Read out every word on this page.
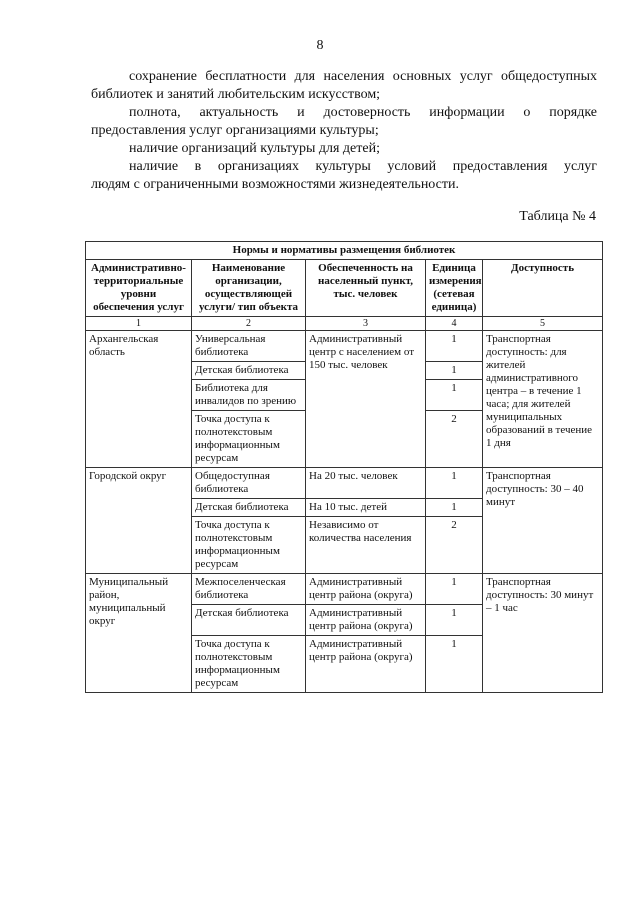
8

сохранение бесплатности для населения основных услуг общедоступных
библиотек и занятий любительским искусством;

полнота, актуальность и достоверность информации о порядке
предоставления услуг организациями культуры;

наличие организаций культуры для детей;

наличие в организациях культуры условий предоставления услуг
людям с ограниченными возможностями жизнедеятельности.

Таблица № 4
Нормы и нормативы размещения библиотек				
Административно-территориальные уровни обеспечения услуг	Наименование организации, осуществляющей услуги/ тип объекта	Обеспеченность на населенный пункт, тыс. человек	Единица измерения (сетевая единица)	Доступность
1	2	3	4	5
Архангельская область	Универсальная библиотека	Административный центр с населением от 150 тыс. человек	1	Транспортная доступность: для жителей административного центра – в течение 1 часа; для жителей муниципальных образований в течение 1 дня
	Детская библиотека		1	
	Библиотека для инвалидов по зрению		1	
	Точка доступа к полнотекстовым информационным ресурсам		2	
Городской округ	Общедоступная библиотека	На 20 тыс. человек	1	Транспортная доступность: 30 – 40 минут
	Детская библиотека	На 10 тыс. детей	1	
	Точка доступа к полнотекстовым информационным ресурсам	Независимо от количества населения	2	
Муниципальный район, муниципальный округ	Межпоселенческая библиотека	Административный центр района (округа)	1	Транспортная доступность: 30 минут – 1 час
	Детская библиотека	Административный центр района (округа)	1	
	Точка доступа к полнотекстовым информационным ресурсам	Административный центр района (округа)	1	
